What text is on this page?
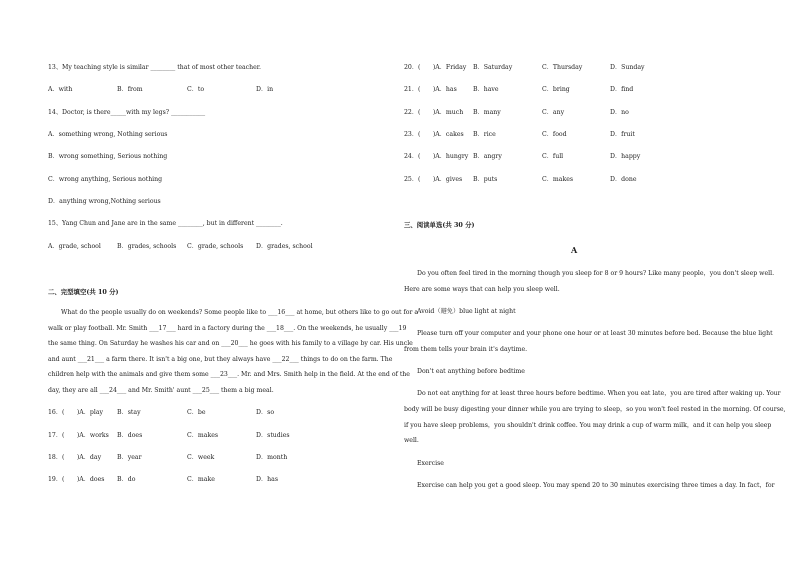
13、My teaching style is similar ________ that of most other teacher.
A．with	B．from	C．to	D．in
14、Doctor, is there_____with my legs? ___________
A．something wrong, Nothing serious
B．wrong something, Serious nothing
C．wrong anything, Serious nothing
D．anything wrong,Nothing serious
15、Yang Chun and Jane are in the same ________, but in different ________.
A．grade, school	B．grades, schools C．grade, schools D．grades, school
二、完型填空(共 10 分)
What do the people usually do on weekends? Some people like to ___16___ at home, but others like to go out for a
walk or play football. Mr. Smith ___17___ hard in a factory during the ___18___. On the weekends, he usually ___19
the same thing. On Saturday he washes his car and on ___20___ he goes with his family to a village by car. His uncle
and aunt ___21___ a farm there. It isn't a big one, but they always have ___22___ things to do on the farm. The
children help with the animals and give them some ___23___. Mr. and Mrs. Smith help in the field. At the end of the
day, they are all ___24___ and Mr. Smith' aunt ___25___ them a big meal.
16．(　　)A．play B．stay	C．be	D．so
17．(　　)A．works B．does	C．makes	D．studies
18．(　　)A．day	B．year	C．week	D．month
19．(　　)A．does B．do	C．make	D．has
20．(　　)A．Friday B．Saturday	C．Thursday	D．Sunday
21．(　　)A．has	B．have	C．bring	D．find
22．(　　)A．much B．many	C．any	D．no
23．(　　)A．cakes B．rice	C．food	D．fruit
24．(　　)A．hungry B．angry	C．full	D．happy
25．(　　)A．gives B．puts	C．makes	D．done
三、阅读单选(共 30 分)
A
Do you often feel tired in the morning though you sleep for 8 or 9 hours? Like many people，you don't sleep well.
Here are some ways that can help you sleep well.
Avoid（避免）blue light at night
Please turn off your computer and your phone one hour or at least 30 minutes before bed. Because the blue light
from them tells your brain it's daytime.
Don't eat anything before bedtime
Do not eat anything for at least three hours before bedtime. When you eat late，you are tired after waking up. Your
body will be busy digesting your dinner while you are trying to sleep，so you won't feel rested in the morning. Of course,
if you have sleep problems，you shouldn't drink coffee. You may drink a cup of warm milk，and it can help you sleep
well.
Exercise
Exercise can help you get a good sleep. You may spend 20 to 30 minutes exercising three times a day. In fact，for
